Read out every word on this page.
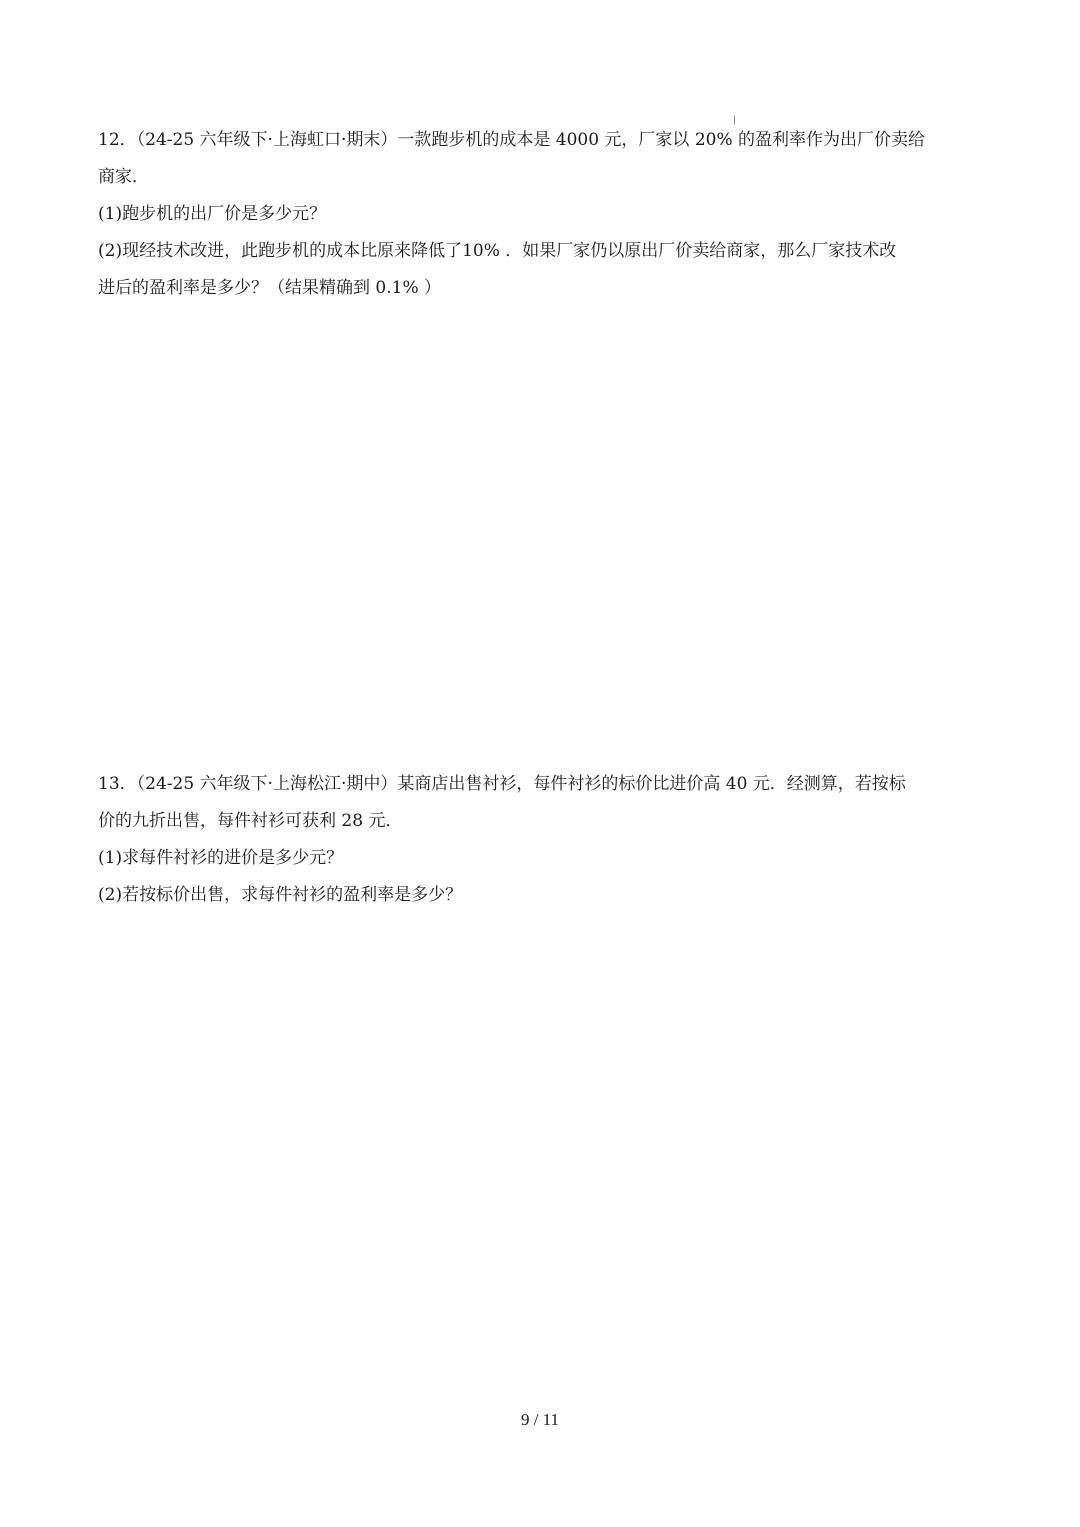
12．（24-25 六年级下·上海虹口·期末）一款跑步机的成本是 4000 元，厂家以 20% 的盈利率作为出厂价卖给
商家．
(1)跑步机的出厂价是多少元？
(2)现经技术改进，此跑步机的成本比原来降低了10% ．如果厂家仍以原出厂价卖给商家，那么厂家技术改
进后的盈利率是多少？（结果精确到 0.1% ）
13．（24-25 六年级下·上海松江·期中）某商店出售衬衫，每件衬衫的标价比进价高 40 元．经测算，若按标
价的九折出售，每件衬衫可获利 28 元．
(1)求每件衬衫的进价是多少元？
(2)若按标价出售，求每件衬衫的盈利率是多少？
9 / 11
